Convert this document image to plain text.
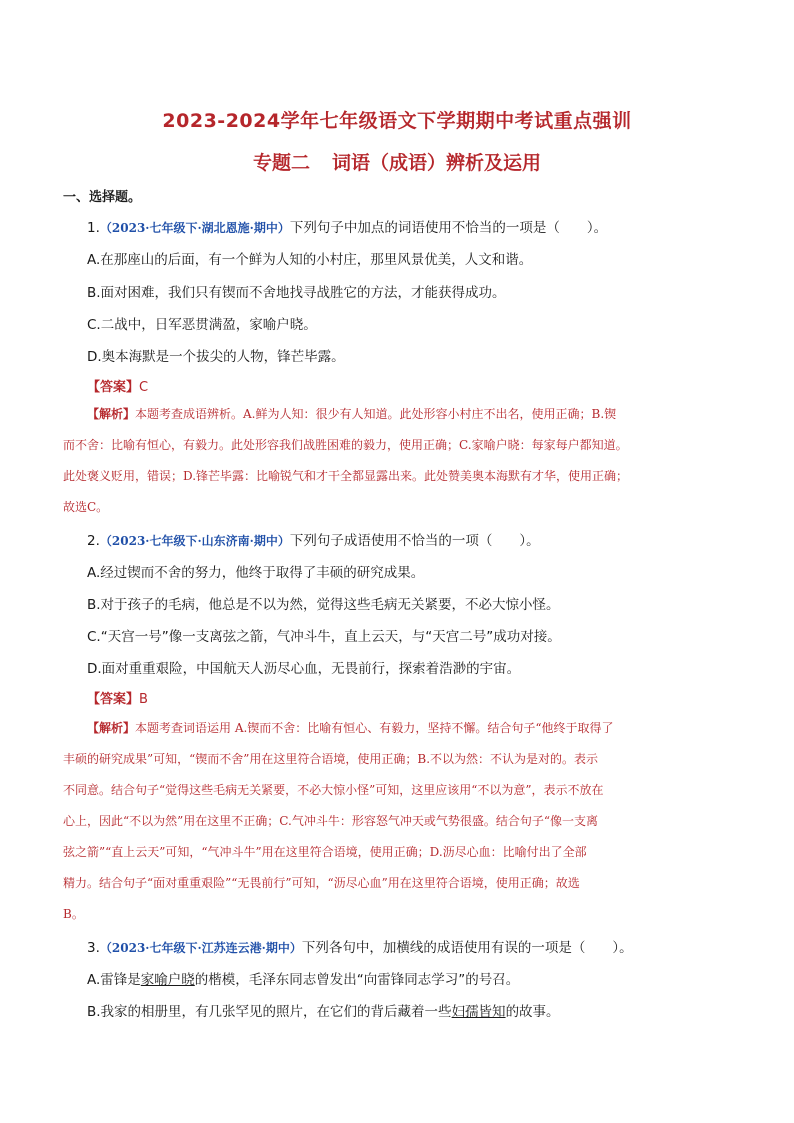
2023-2024学年七年级语文下学期期中考试重点强训
专题二 词语（成语）辨析及运用
一、选择题。
1.（2023·七年级下·湖北恩施·期中）下列句子中加点的词语使用不恰当的一项是（　　）。
A.在那座山的后面，有一个鲜为人知的小村庄，那里风景优美，人文和谐。
B.面对困难，我们只有锲而不舍地找寻战胜它的方法，才能获得成功。
C.二战中，日军恶贯满盈，家喻户晓。
D.奥本海默是一个拔尖的人物，锋芒毕露。
【答案】C
【解析】本题考查成语辨析。A.鲜为人知：很少有人知道。此处形容小村庄不出名，使用正确；B.锲
而不舍：比喻有恒心，有毅力。此处形容我们战胜困难的毅力，使用正确；C.家喻户晓：每家每户都知道。
此处褒义贬用，错误；D.锋芒毕露：比喻锐气和才干全都显露出来。此处赞美奥本海默有才华，使用正确；
故选C。
2.（2023·七年级下·山东济南·期中）下列句子成语使用不恰当的一项（　　）。
A.经过锲而不舍的努力，他终于取得了丰硕的研究成果。
B.对于孩子的毛病，他总是不以为然，觉得这些毛病无关紧要，不必大惊小怪。
C.“天宫一号”像一支离弦之箭，气冲斗牛，直上云天，与“天宫二号”成功对接。
D.面对重重艰险，中国航天人沥尽心血，无畏前行，探索着浩渺的宇宙。
【答案】B
【解析】本题考查词语运用 A.锲而不舍：比喻有恒心、有毅力，坚持不懈。结合句子“他终于取得了
丰硕的研究成果”可知，“锲而不舍”用在这里符合语境，使用正确；B.不以为然：不认为是对的。表示
不同意。结合句子“觉得这些毛病无关紧要，不必大惊小怪”可知，这里应该用“不以为意”，表示不放在
心上，因此“不以为然”用在这里不正确；C.气冲斗牛：形容怒气冲天或气势很盛。结合句子“像一支离
弦之箭”“直上云天”可知，“气冲斗牛”用在这里符合语境，使用正确；D.沥尽心血：比喻付出了全部
精力。结合句子“面对重重艰险”“无畏前行”可知，“沥尽心血”用在这里符合语境，使用正确；故选
B。
3.（2023·七年级下·江苏连云港·期中）下列各句中，加横线的成语使用有误的一项是（　　）。
A.雷锋是家喻户晓的楷模，毛泽东同志曾发出“向雷锋同志学习”的号召。
B.我家的相册里，有几张罕见的照片，在它们的背后藏着一些妇孺皆知的故事。
